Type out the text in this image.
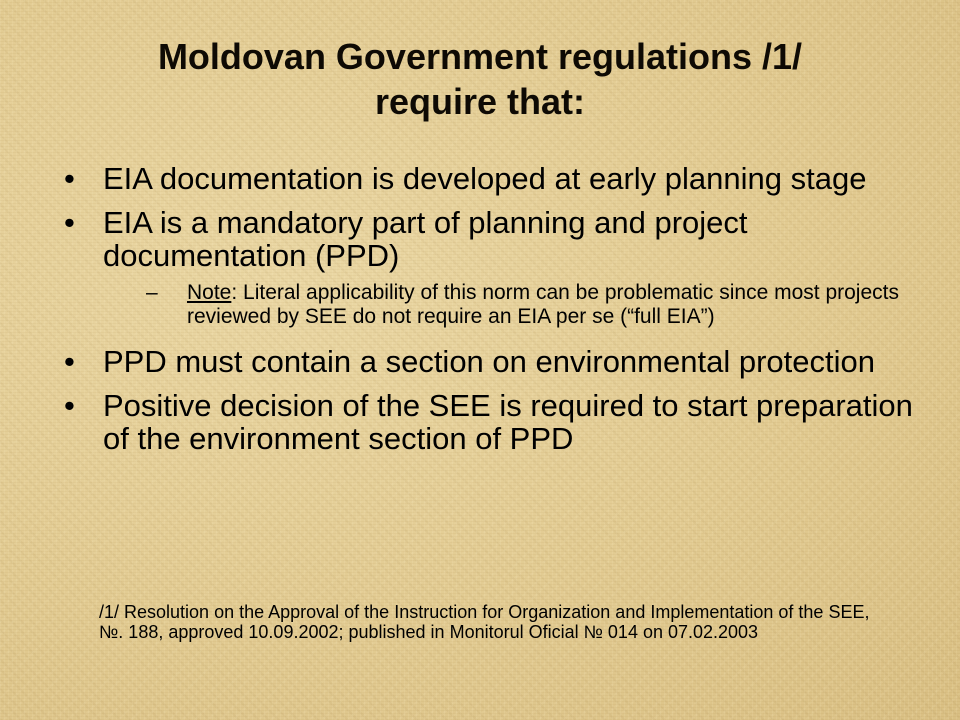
Moldovan Government regulations /1/
require that:
• EIA documentation is developed at early planning stage
• EIA is a mandatory part of planning and project documentation (PPD)
– Note: Literal applicability of this norm can be problematic since most projects reviewed by SEE do not require an EIA per se (“full EIA”)
• PPD must contain a section on environmental protection
• Positive decision of the SEE is required to start preparation of the environment section of PPD
/1/ Resolution on the Approval of the Instruction for Organization and Implementation of the SEE, №. 188, approved 10.09.2002; published in Monitorul Oficial № 014 on 07.02.2003
